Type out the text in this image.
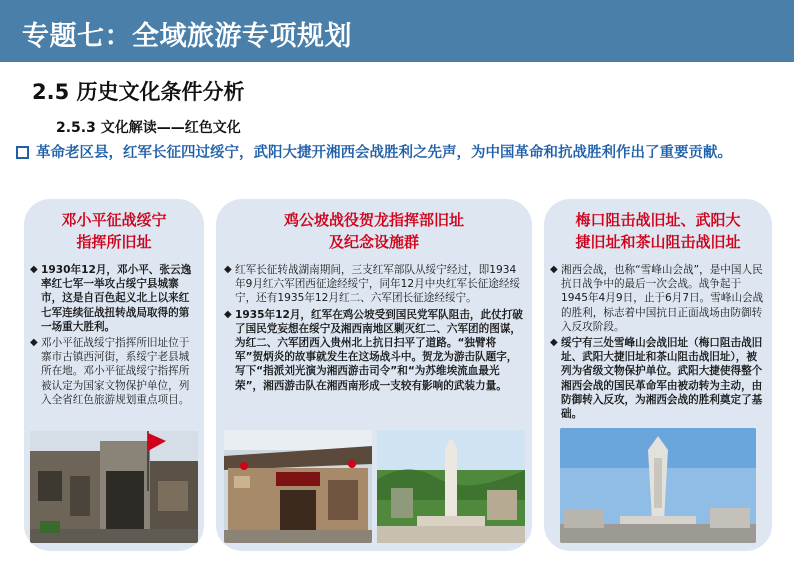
专题七：全域旅游专项规划
2.5 历史文化条件分析
2.5.3 文化解读——红色文化
革命老区县，红军长征四过绥宁，武阳大捷开湘西会战胜利之先声，为中国革命和抗战胜利作出了重要贡献。
邓小平征战绥宁
指挥所旧址
◆ 1930年12月，邓小平、张云逸率红七军一举攻占绥宁县城寨市，这是自百色起义北上以来红七军连续征战扭转战局取得的第一场重大胜利。
◆ 邓小平征战绥宁指挥所旧址位于寨市古镇西河街，系绥宁老县城所在地。邓小平征战绥宁指挥所被认定为国家文物保护单位，列入全省红色旅游规划重点项目。
鸡公坡战役贺龙指挥部旧址
及纪念设施群
◆ 红军长征转战湖南期间，三支红军部队从绥宁经过，即1934年9月红六军团西征途经绥宁，同年12月中央红军长征途经绥宁，还有1935年12月红二、六军团长征途经绥宁。
◆ 1935年12月，红军在鸡公坡受到国民党军队阻击，此仗打破了国民党妄想在绥宁及湘西南地区剿灭红二、六军团的图谋，为红二、六军团西入贵州北上抗日扫平了道路。“独臂将军”贺炳炎的故事就发生在这场战斗中。贺龙为游击队题字，写下“指派刘光演为湘西游击司令”和“为苏维埃流血最光荣”，湘西游击队在湘西南形成一支较有影响的武装力量。
梅口阻击战旧址、武阳大
捷旧址和茶山阻击战旧址
◆ 湘西会战，也称“雪峰山会战”，是中国人民抗日战争中的最后一次会战。战争起于1945年4月9日，止于6月7日。雪峰山会战的胜利，标志着中国抗日正面战场由防御转入反攻阶段。
◆ 绥宁有三处雪峰山会战旧址（梅口阻击战旧址、武阳大捷旧址和茶山阻击战旧址），被列为省级文物保护单位。武阳大捷使得整个湘西会战的国民革命军由被动转为主动，由防御转入反攻，为湘西会战的胜利奠定了基础。
